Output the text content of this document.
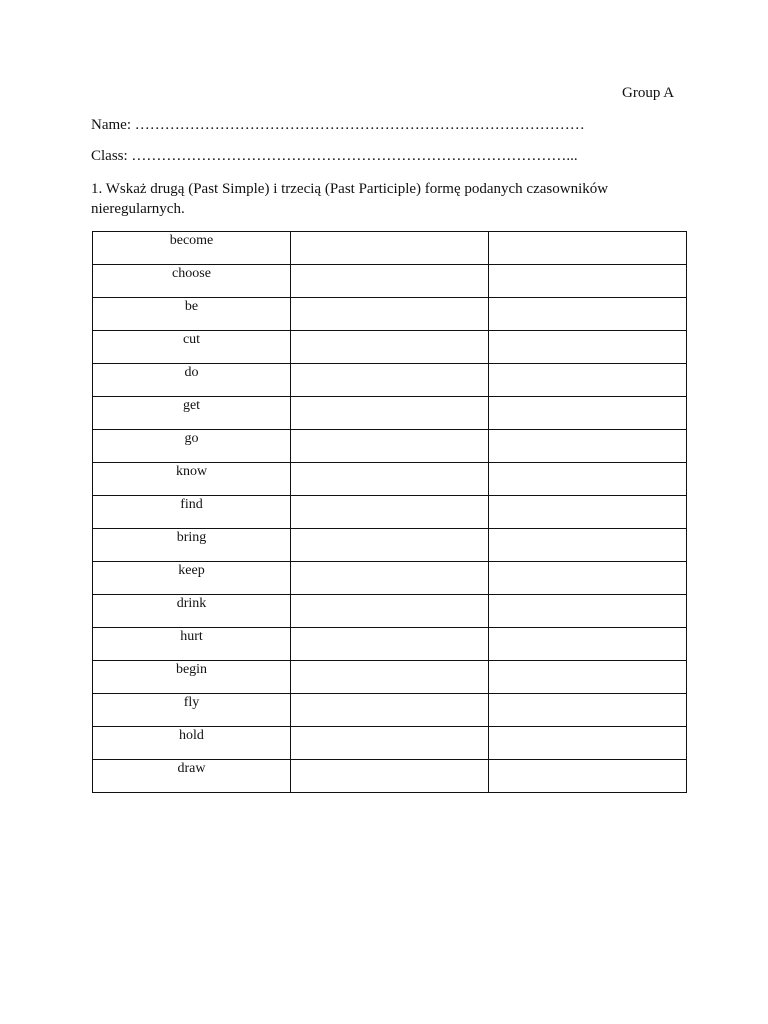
Group A
Name: ………………………………………………………………………………
Class: ……………………………………………………………………………...
1. Wskaż drugą (Past Simple) i trzecią (Past Participle) formę podanych czasowników nieregularnych.
become		

choose		

be		

cut		

do		

get		

go		

know		

find		

bring		

keep		

drink		

hurt		

begin		

fly		

hold		

draw		
